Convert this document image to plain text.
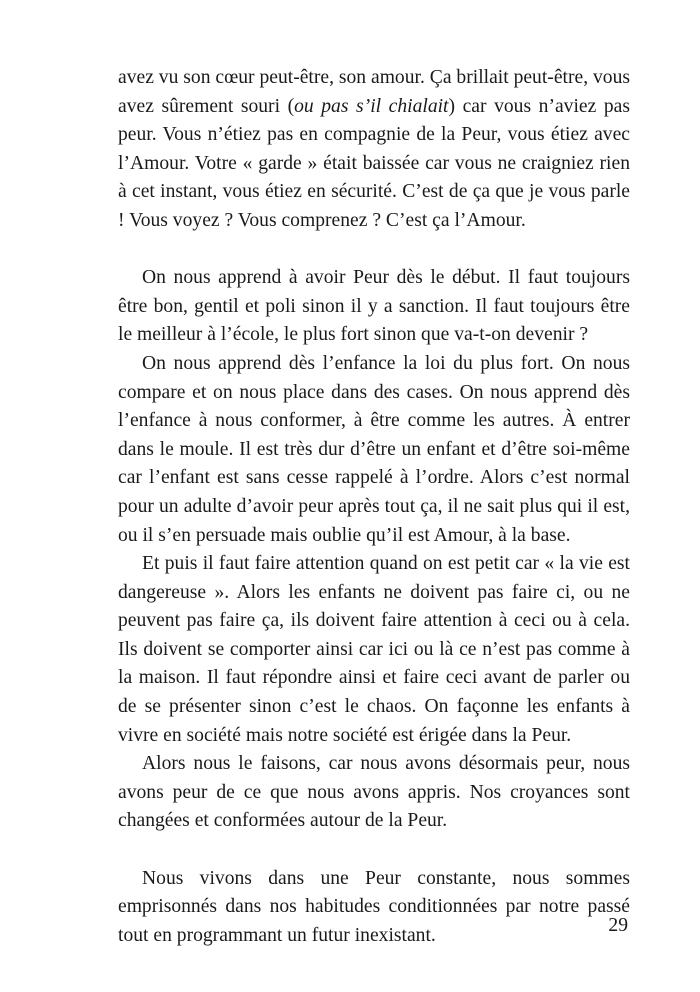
avez vu son cœur peut-être, son amour. Ça brillait peut-être, vous avez sûrement souri (ou pas s’il chialait) car vous n’aviez pas peur. Vous n’étiez pas en compagnie de la Peur, vous étiez avec l’Amour. Votre « garde » était baissée car vous ne craigniez rien à cet instant, vous étiez en sécurité. C’est de ça que je vous parle ! Vous voyez ? Vous comprenez ? C’est ça l’Amour.

On nous apprend à avoir Peur dès le début. Il faut toujours être bon, gentil et poli sinon il y a sanction. Il faut toujours être le meilleur à l’école, le plus fort sinon que va-t-on devenir ?

On nous apprend dès l’enfance la loi du plus fort. On nous compare et on nous place dans des cases. On nous apprend dès l’enfance à nous conformer, à être comme les autres. À entrer dans le moule. Il est très dur d’être un enfant et d’être soi-même car l’enfant est sans cesse rappelé à l’ordre. Alors c’est normal pour un adulte d’avoir peur après tout ça, il ne sait plus qui il est, ou il s’en persuade mais oublie qu’il est Amour, à la base.

Et puis il faut faire attention quand on est petit car « la vie est dangereuse ». Alors les enfants ne doivent pas faire ci, ou ne peuvent pas faire ça, ils doivent faire attention à ceci ou à cela. Ils doivent se comporter ainsi car ici ou là ce n’est pas comme à la maison. Il faut répondre ainsi et faire ceci avant de parler ou de se présenter sinon c’est le chaos. On façonne les enfants à vivre en société mais notre société est érigée dans la Peur.

Alors nous le faisons, car nous avons désormais peur, nous avons peur de ce que nous avons appris. Nos croyances sont changées et conformées autour de la Peur.

Nous vivons dans une Peur constante, nous sommes emprisonnés dans nos habitudes conditionnées par notre passé tout en programmant un futur inexistant.	29
